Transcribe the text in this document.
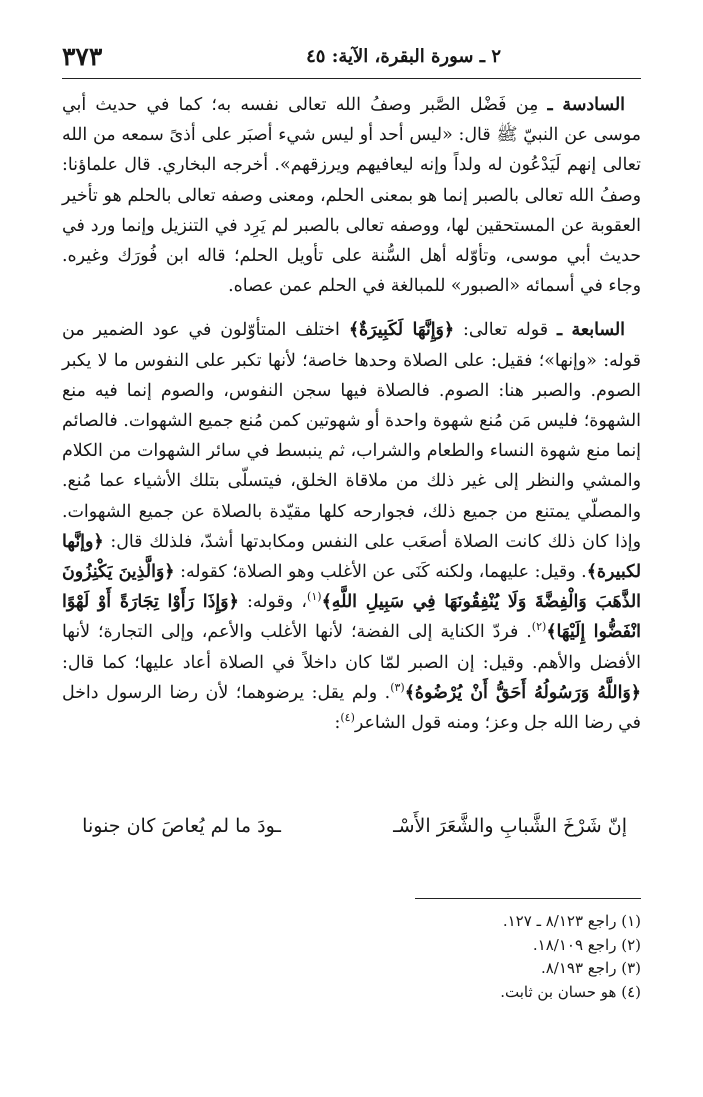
٣٧٣	٢ ـ سورة البقرة، الآية: ٤٥

السادسة ـ مِن فَضْل الصَّبر وصفُ الله تعالى نفسه به؛ كما في حديث أبي موسى عن النبيّ ﷺ قال: «ليس أحد أو ليس شيء أصبَر على أذىً سمعه من الله تعالى إنهم لَيَدْعُون له ولداً وإنه ليعافيهم ويرزقهم». أخرجه البخاري. قال علماؤنا: وصفُ الله تعالى بالصبر إنما هو بمعنى الحلم، ومعنى وصفه تعالى بالحلم هو تأخير العقوبة عن المستحقين لها، ووصفه تعالى بالصبر لم يَرِد في التنزيل وإنما ورد في حديث أبي موسى، وتأوّله أهل السُّنة على تأويل الحلم؛ قاله ابن فُورَك وغيره. وجاء في أسمائه «الصبور» للمبالغة في الحلم عمن عصاه.

السابعة ـ قوله تعالى: ﴿وَإِنَّهَا لَكَبِيرَةٌ﴾ اختلف المتأوّلون في عود الضمير من قوله: «وإنها»؛ فقيل: على الصلاة وحدها خاصة؛ لأنها تكبر على النفوس ما لا يكبر الصوم. والصبر هنا: الصوم. فالصلاة فيها سجن النفوس، والصوم إنما فيه منع الشهوة؛ فليس مَن مُنع شهوة واحدة أو شهوتين كمن مُنع جميع الشهوات. فالصائم إنما منع شهوة النساء والطعام والشراب، ثم ينبسط في سائر الشهوات من الكلام والمشي والنظر إلى غير ذلك من ملاقاة الخلق، فيتسلّى بتلك الأشياء عما مُنع. والمصلّي يمتنع من جميع ذلك، فجوارحه كلها مقيّدة بالصلاة عن جميع الشهوات. وإذا كان ذلك كانت الصلاة أصعَب على النفس ومكابدتها أشدّ، فلذلك قال: ﴿وإنَّها لكبيرة﴾. وقيل: عليهما، ولكنه كَنَى عن الأغلب وهو الصلاة؛ كقوله: ﴿وَالَّذِينَ يَكْنِزُونَ الذَّهَبَ وَالْفِضَّةَ وَلَا يُنْفِقُونَهَا فِي سَبِيلِ اللَّهِ﴾$^{(١)}$، وقوله: ﴿وَإِذَا رَأَوْا تِجَارَةً أَوْ لَهْوًا انْفَضُّوا إِلَيْهَا﴾$^{(٢)}$. فردّ الكناية إلى الفضة؛ لأنها الأغلب والأعم، وإلى التجارة؛ لأنها الأفضل والأهم. وقيل: إن الصبر لمّا كان داخلاً في الصلاة أعاد عليها؛ كما قال: ﴿وَاللَّهُ وَرَسُولُهُ أَحَقُّ أَنْ يُرْضُوهُ﴾$^{(٣)}$. ولم يقل: يرضوهما؛ لأن رضا الرسول داخل في رضا الله جل وعز؛ ومنه قول الشاعر$^{(٤)}$:

إنّ شَرْخَ الشَّبابِ والشَّعَرَ الأَسْـ
ـودَ ما لم يُعاصَ كان جنونا
(١) راجع ٨/١٢٣ ـ ١٢٧.
(٢) راجع ١٨/١٠٩.
(٣) راجع ٨/١٩٣.
(٤) هو حسان بن ثابت.
